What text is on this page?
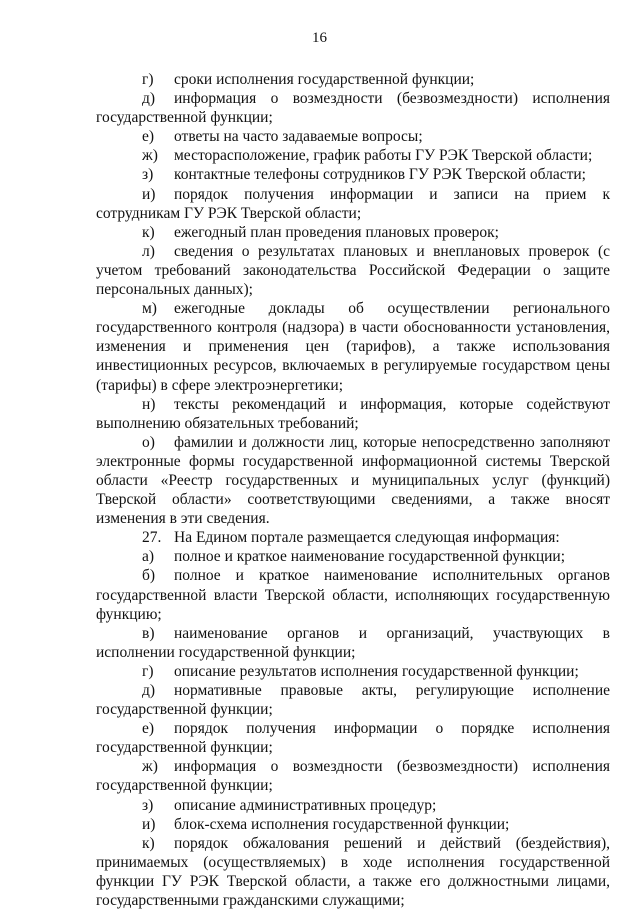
16

г) сроки исполнения государственной функции;

д) информация о возмездности (безвозмездности) исполнения государственной функции;

е) ответы на часто задаваемые вопросы;

ж) месторасположение, график работы ГУ РЭК Тверской области;

з) контактные телефоны сотрудников ГУ РЭК Тверской области;

и) порядок получения информации и записи на прием к сотрудникам ГУ РЭК Тверской области;

к) ежегодный план проведения плановых проверок;

л) сведения о результатах плановых и внеплановых проверок (с учетом требований законодательства Российской Федерации о защите персональных данных);

м) ежегодные доклады об осуществлении регионального государственного контроля (надзора) в части обоснованности установления, изменения и применения цен (тарифов), а также использования инвестиционных ресурсов, включаемых в регулируемые государством цены (тарифы) в сфере электроэнергетики;

н) тексты рекомендаций и информация, которые содействуют выполнению обязательных требований;

о) фамилии и должности лиц, которые непосредственно заполняют электронные формы государственной информационной системы Тверской области «Реестр государственных и муниципальных услуг (функций) Тверской области» соответствующими сведениями, а также вносят изменения в эти сведения.

27. На Едином портале размещается следующая информация:

а) полное и краткое наименование государственной функции;

б) полное и краткое наименование исполнительных органов государственной власти Тверской области, исполняющих государственную функцию;

в) наименование органов и организаций, участвующих в исполнении государственной функции;

г) описание результатов исполнения государственной функции;

д) нормативные правовые акты, регулирующие исполнение государственной функции;

е) порядок получения информации о порядке исполнения государственной функции;

ж) информация о возмездности (безвозмездности) исполнения государственной функции;

з) описание административных процедур;

и) блок-схема исполнения государственной функции;

к) порядок обжалования решений и действий (бездействия), принимаемых (осуществляемых) в ходе исполнения государственной функции ГУ РЭК Тверской области, а также его должностными лицами, государственными гражданскими служащими;
